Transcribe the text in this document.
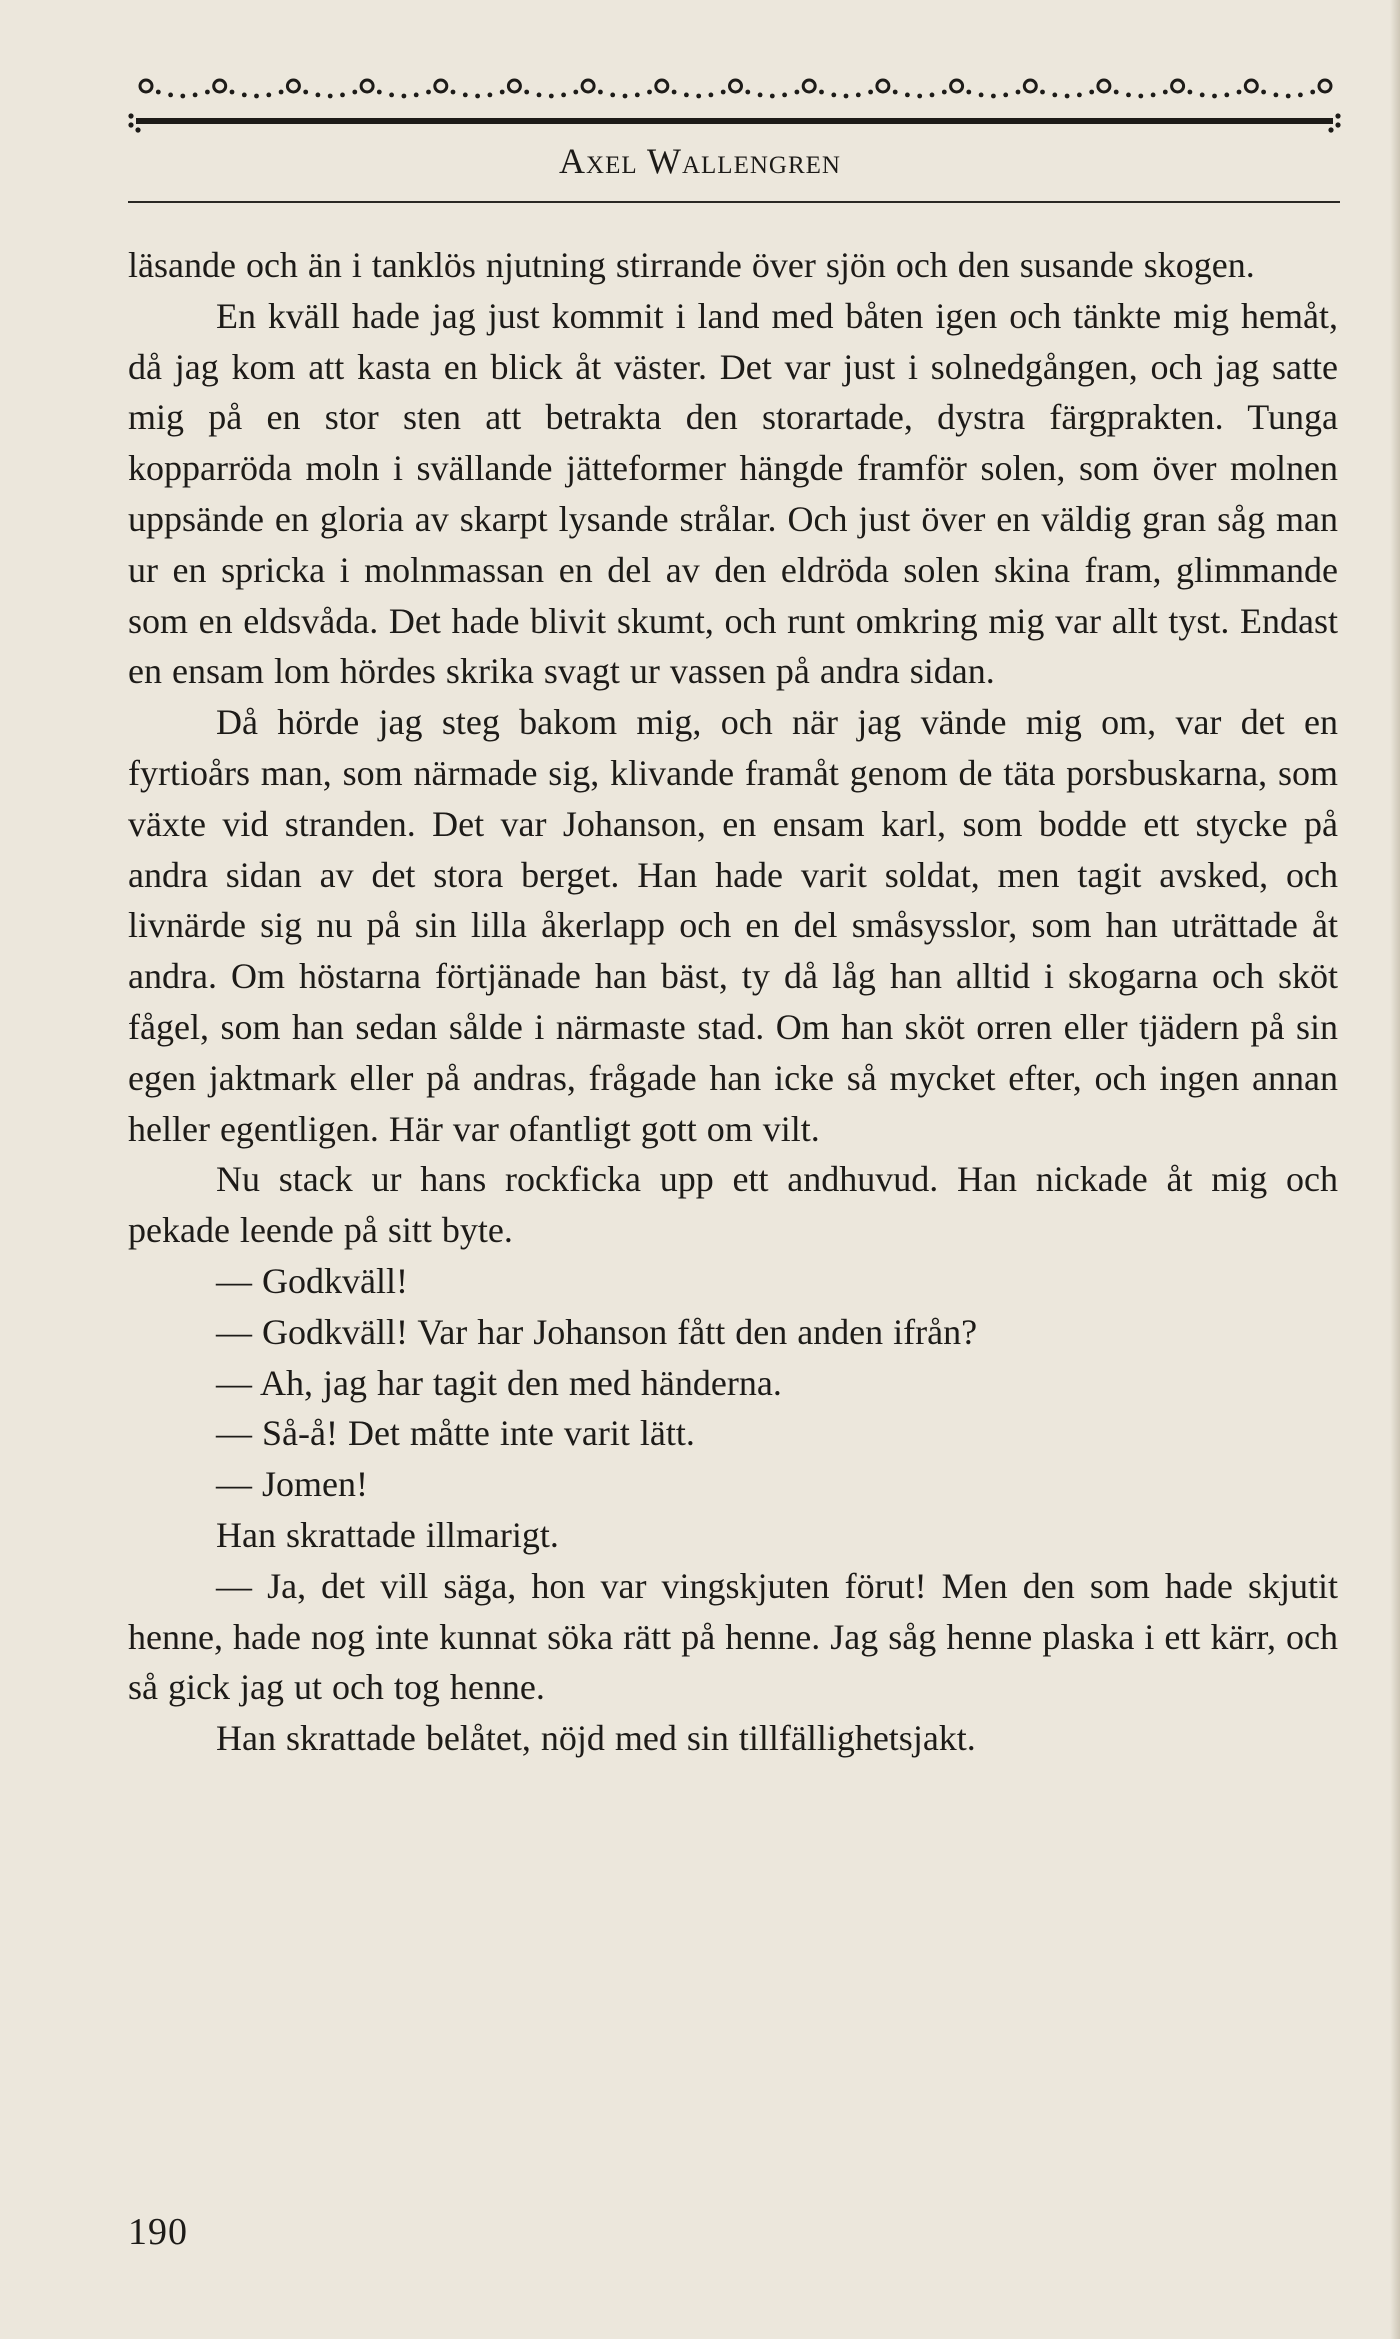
Axel Wallengren

läsande och än i tanklös njutning stirrande över sjön och den susande skogen.

En kväll hade jag just kommit i land med båten igen och tänkte mig hemåt, då jag kom att kasta en blick åt väster. Det var just i solnedgången, och jag satte mig på en stor sten att betrakta den storartade, dystra färgprakten. Tunga kopparröda moln i svällande jätteformer hängde framför solen, som över molnen uppsände en gloria av skarpt lysande strålar. Och just över en väldig gran såg man ur en spricka i molnmassan en del av den eldröda solen skina fram, glimmande som en eldsvåda. Det hade blivit skumt, och runt omkring mig var allt tyst. Endast en ensam lom hördes skrika svagt ur vassen på andra sidan.

Då hörde jag steg bakom mig, och när jag vände mig om, var det en fyrtioårs man, som närmade sig, klivande framåt genom de täta porsbuskarna, som växte vid stranden. Det var Johanson, en ensam karl, som bodde ett stycke på andra sidan av det stora berget. Han hade varit soldat, men tagit avsked, och livnärde sig nu på sin lilla åkerlapp och en del småsysslor, som han uträttade åt andra. Om höstarna förtjänade han bäst, ty då låg han alltid i skogarna och sköt fågel, som han sedan sålde i närmaste stad. Om han sköt orren eller tjädern på sin egen jaktmark eller på andras, frågade han icke så mycket efter, och ingen annan heller egentligen. Här var ofantligt gott om vilt.

Nu stack ur hans rockficka upp ett andhuvud. Han nickade åt mig och pekade leende på sitt byte.

— Godkväll!

— Godkväll! Var har Johanson fått den anden ifrån?

— Ah, jag har tagit den med händerna.

— Så-å! Det måtte inte varit lätt.

— Jomen!

Han skrattade illmarigt.

— Ja, det vill säga, hon var vingskjuten förut! Men den som hade skjutit henne, hade nog inte kunnat söka rätt på henne. Jag såg henne plaska i ett kärr, och så gick jag ut och tog henne.

Han skrattade belåtet, nöjd med sin tillfällighetsjakt.

190
